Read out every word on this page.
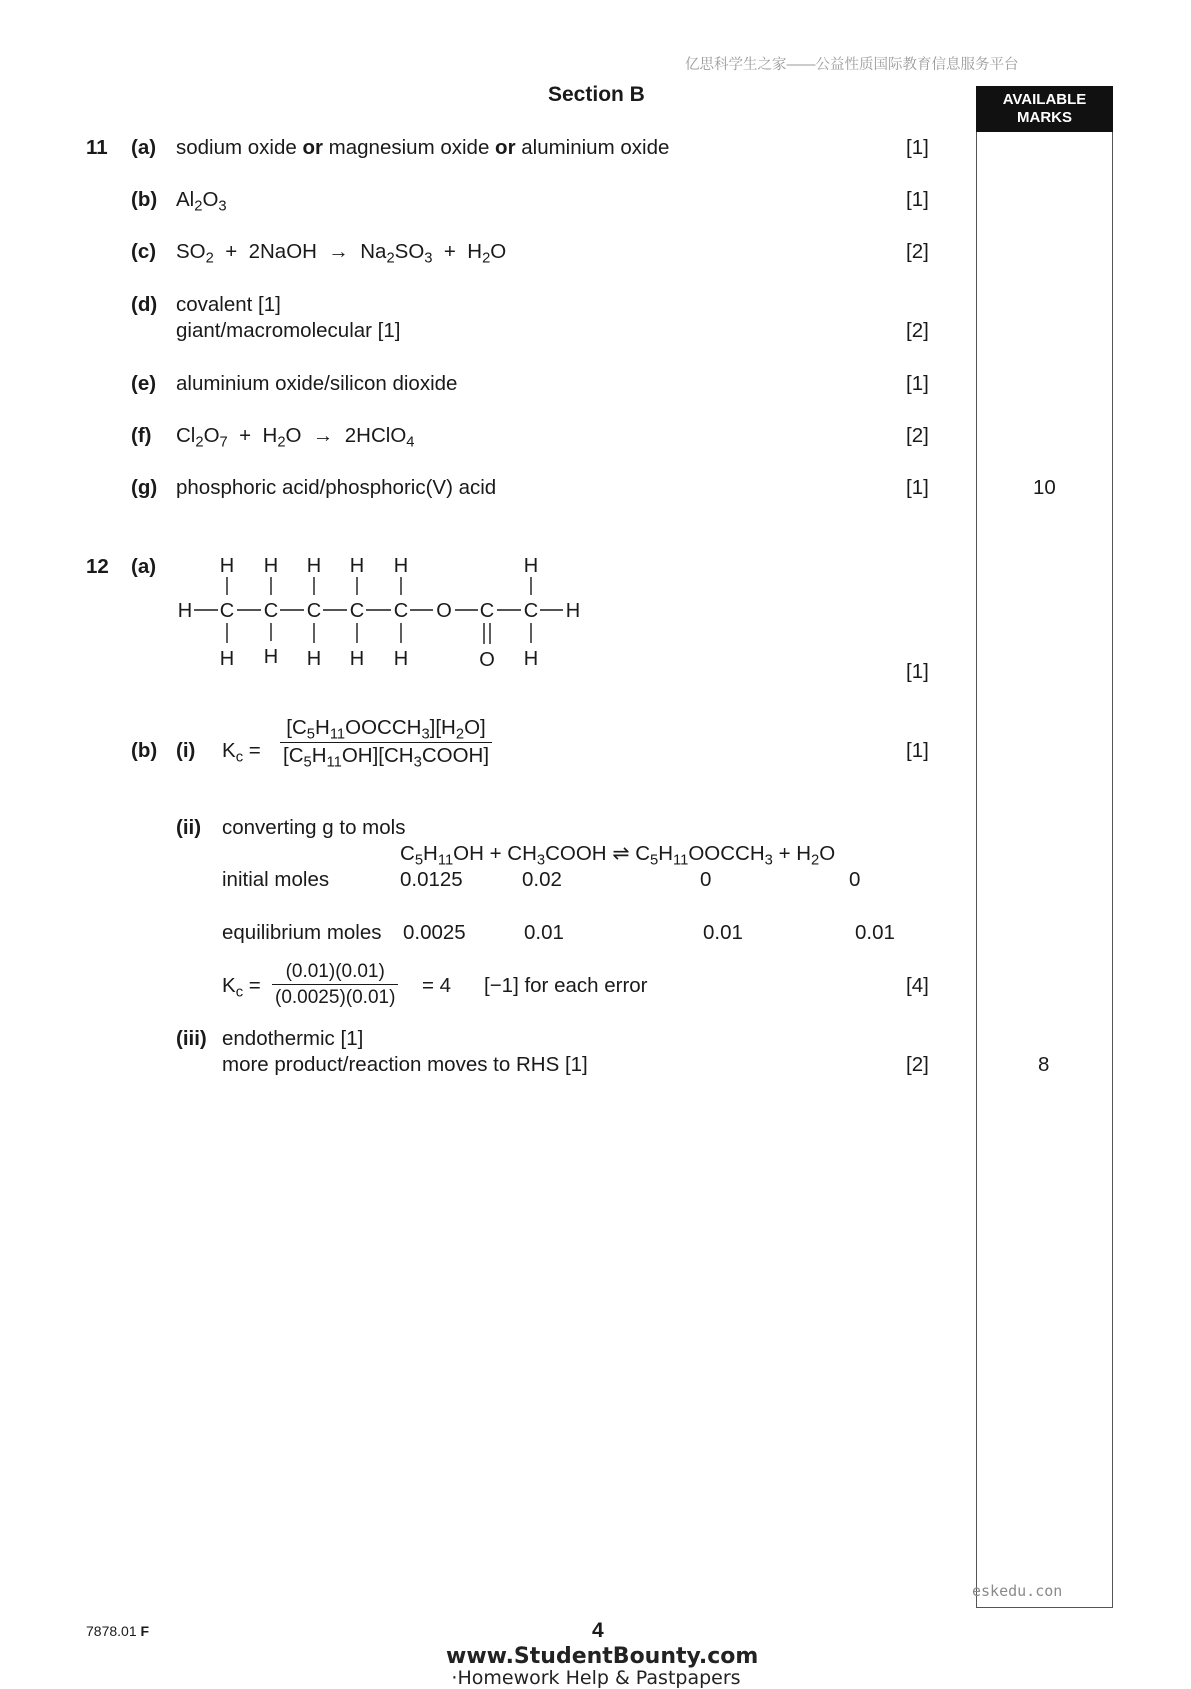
亿思科学生之家——公益性质国际教育信息服务平台
Section B	AVAILABLE
MARKS
11 (a) sodium oxide or magnesium oxide or aluminium oxide	[1]
(b) $Al_2O_3$	[1]
(c) $SO_2$  +  2NaOH  →  $Na_2SO_3 + H_2O$	[2]
(d) covalent [1]
giant/macromolecular [1]	[2]
(e) aluminium oxide/silicon dioxide	[1]
(f) $Cl_2O_7 + H_2O$  →  2HClO$_4$	[2]
(g) phosphoric acid/phosphoric(V) acid	[1]	10
12 (a)	H H H H H	H
H C C C C C O C C H
H H H H H	O H
[1]
(b) (i) $K_c$ =
$[C_5H_{11}OOCCH_3][H_2O]$
$[C_5H_{11}OH][CH_3COOH]$	[1]
(ii) converting g to mols
$C_5H_{11}OH$ + $CH_3COOH$ ⇌ $C_5H_{11}OOCCH_3 + H_2O$
initial moles	0.0125	0.02	0	0
equilibrium moles 0.0025	0.01	0.01	0.01
$K_c = \frac{(0.01)(0.01)}{(0.0025)(0.01)} = 4$ [−1] for each error	[4]
(iii) endothermic [1]
more product/reaction moves to RHS [1]	[2]	8
eskedu.con
7878.01 F	4
www.StudentBounty.com
·Homework Help & Pastpapers
